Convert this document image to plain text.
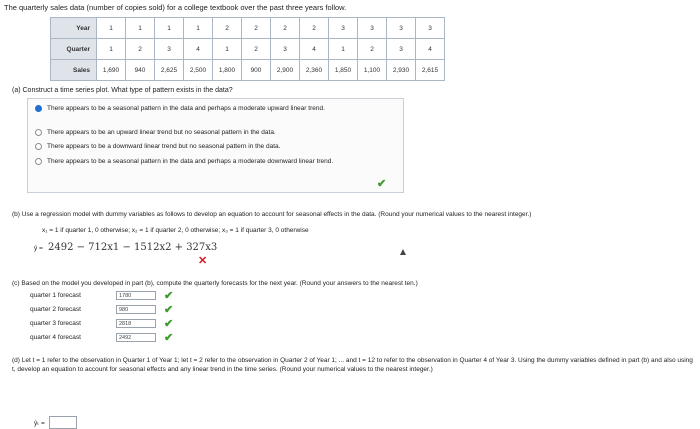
The quarterly sales data (number of copies sold) for a college textbook over the past three years follow.
Year	1	1	1	1	2	2	2	2	3	3	3	3
Quarter	1	2	3	4	1	2	3	4	1	2	3	4
Sales	1,690	940	2,625	2,500	1,800	900	2,900	2,360	1,850	1,100	2,930	2,615
(a) Construct a time series plot. What type of pattern exists in the data?
There appears to be a seasonal pattern in the data and perhaps a moderate upward linear trend.
There appears to be an upward linear trend but no seasonal pattern in the data.
There appears to be a downward linear trend but no seasonal pattern in the data.
There appears to be a seasonal pattern in the data and perhaps a moderate downward linear trend.
✔
(b) Use a regression model with dummy variables as follows to develop an equation to account for seasonal effects in the data. (Round your numerical values to the nearest integer.)
x₁ = 1 if quarter 1, 0 otherwise; x₂ = 1 if quarter 2, 0 otherwise; x₃ = 1 if quarter 3, 0 otherwise
ŷ = 2492 − 712x1 − 1512x2 + 327x3
✕
(c) Based on the model you developed in part (b), compute the quarterly forecasts for the next year. (Round your answers to the nearest ten.)
quarter 1 forecast	1780	✔
quarter 2 forecast	980	✔
quarter 3 forecast	2818	✔
quarter 4 forecast	2492	✔
(d) Let t = 1 refer to the observation in Quarter 1 of Year 1; let t = 2 refer to the observation in Quarter 2 of Year 1; ... and t = 12 to refer to the observation in Quarter 4 of Year 3. Using the dummy variables defined in part (b) and also using t, develop an equation to account for seasonal effects and any linear trend in the time series. (Round your numerical values to the nearest integer.)
ŷₜ =
